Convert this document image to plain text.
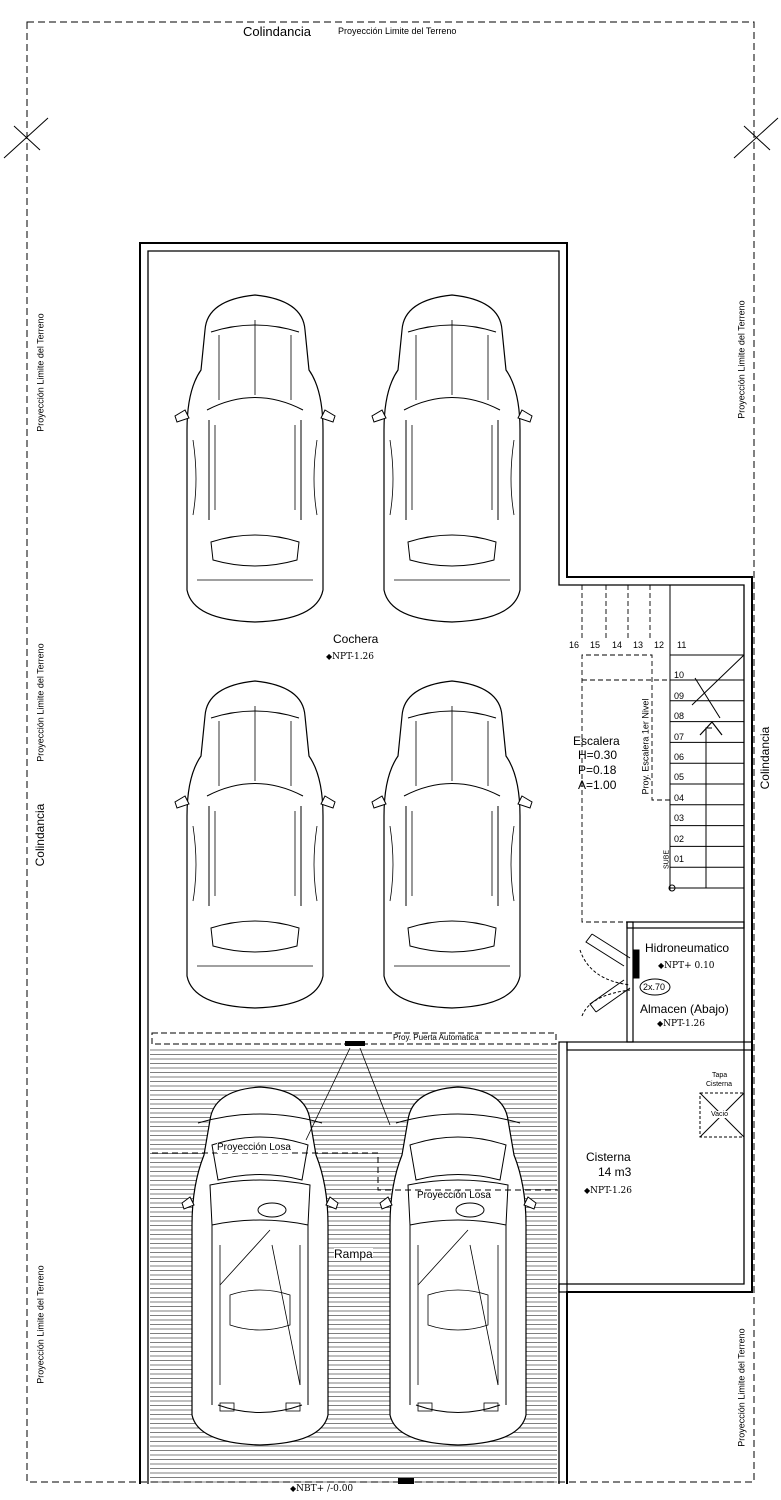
Colindancia	Proyección Limite del Terreno
Proyección Limite del Terreno
Proyección Limite del Terreno
Colindancia
Proyección Limite del Terreno
Proyección Limite del Terreno
Colindancia
Proyección Limite del Terreno
Cochera
◆ NPT-1.26
Escalera
H=0.30
P=0.18
A=1.00	Proy. Escalera 1er Nivel
SUBE 01
02
03
04
05
06
07
08
09
10
16 15 14 13 12 11
Hidroneumatico
◆ NPT+ 0.10
2x.70
Almacen (Abajo)
◆ NPT-1.26
Proy. Puerta Automatica
Tapa
Cisterna
Vacio
Cisterna
14 m3
◆ NPT-1.26
Proyección Losa
Proyección Losa
Rampa
◆ NBT+ /-0.00
